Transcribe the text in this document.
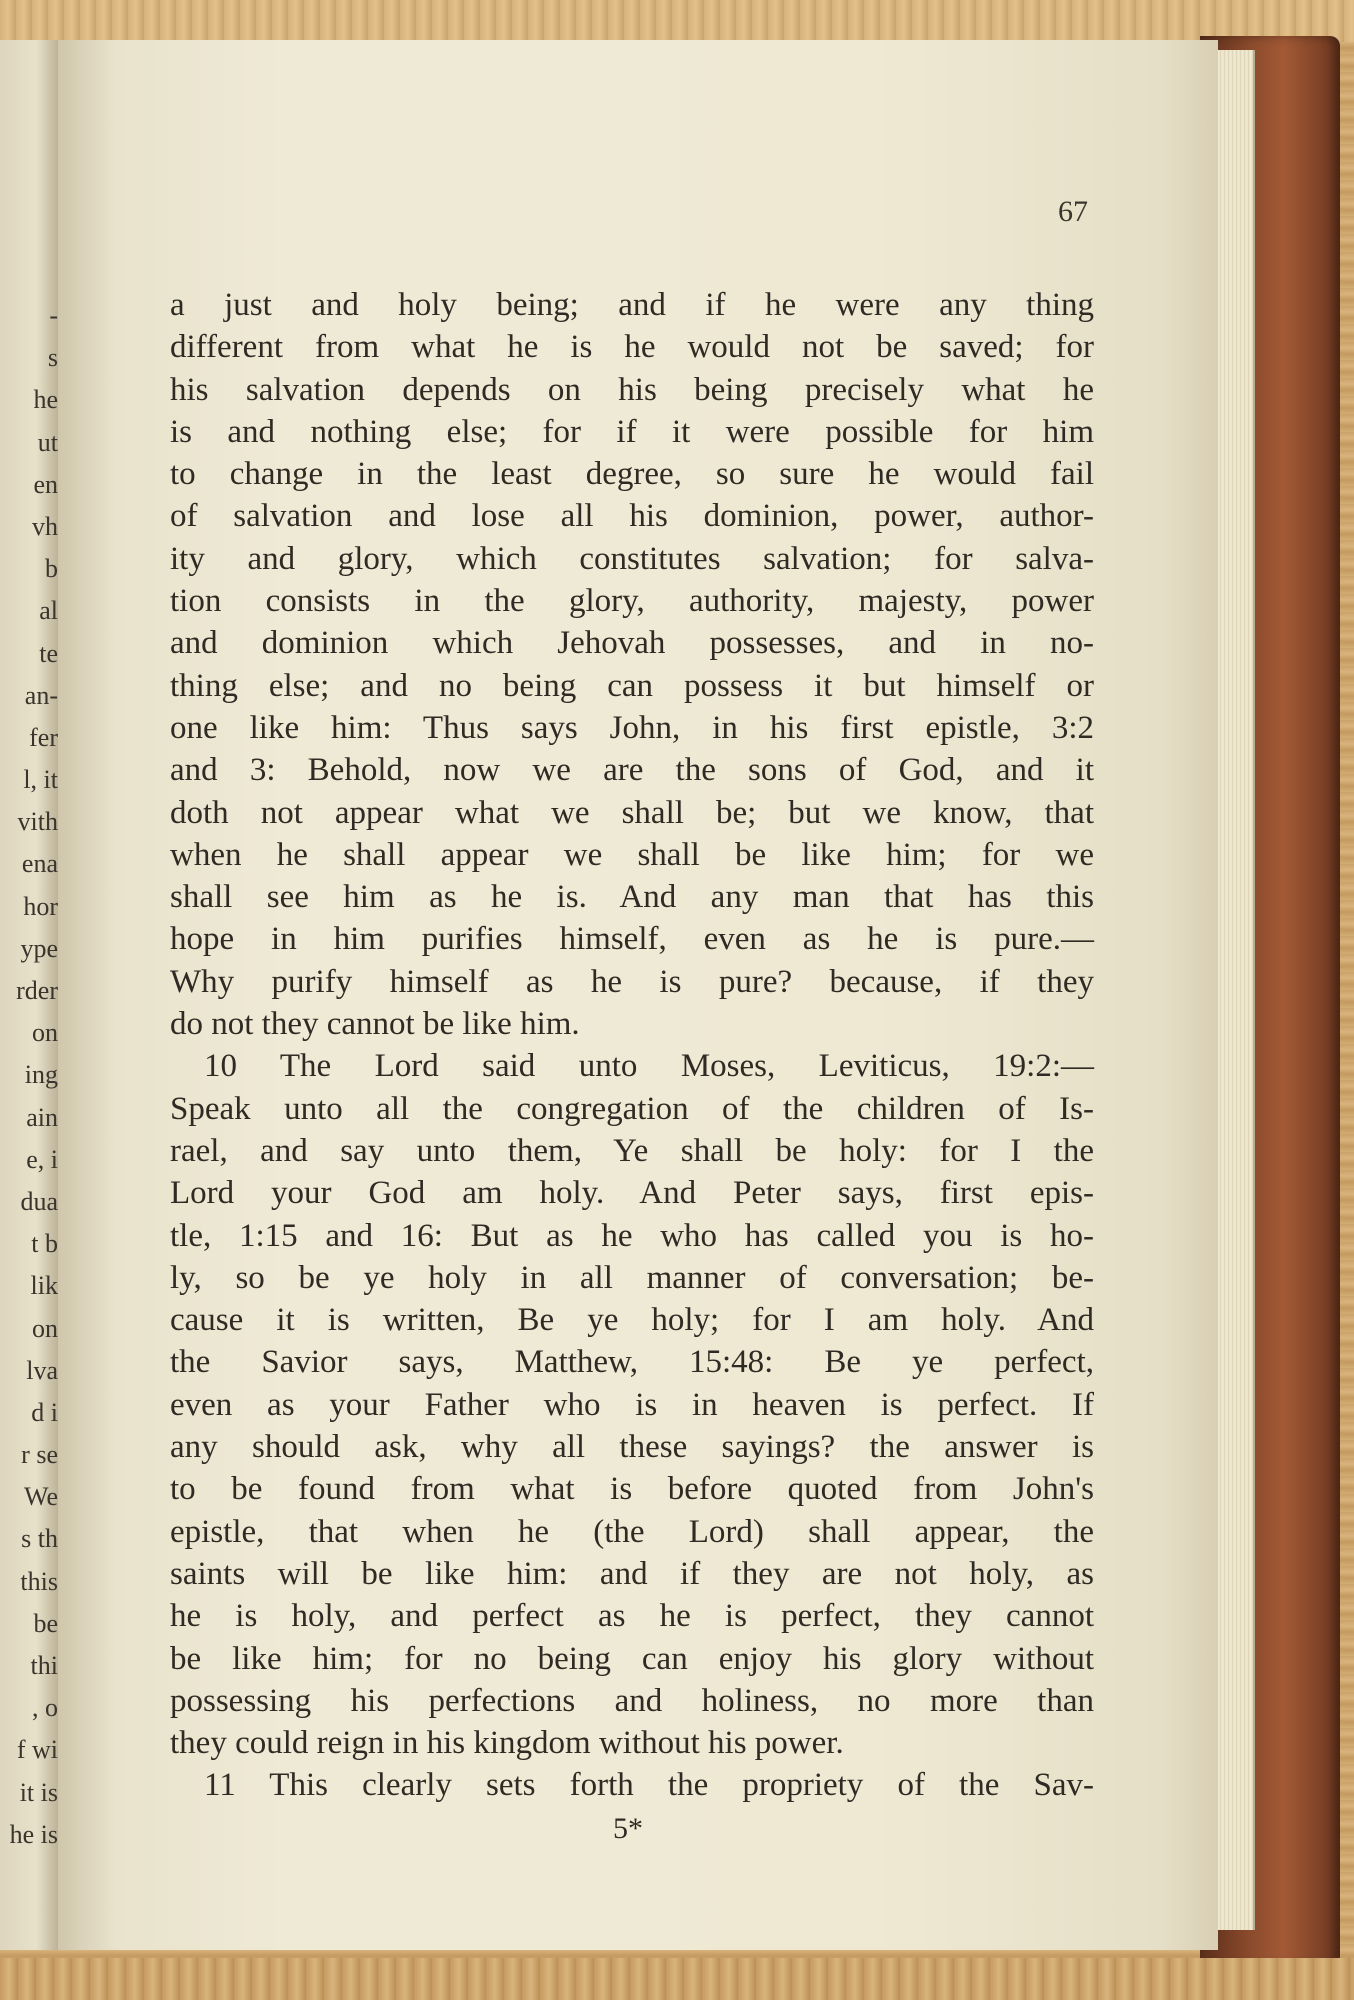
-
s
he
ut
en
vh
b
al
te
an-
fer
l, it
vith
ena
hor
ype
rder
on
ing
ain
e, i
dua
t b
lik
on
lva
d i
r se
We
s th
this
be
thi
, o
f wi
it is
he is
67
a just and holy being; and if he were any thing
different from what he is he would not be saved; for
his salvation depends on his being precisely what he
is and nothing else; for if it were possible for him
to change in the least degree, so sure he would fail
of salvation and lose all his dominion, power, author-
ity and glory, which constitutes salvation; for salva-
tion consists in the glory, authority, majesty, power
and dominion which Jehovah possesses, and in no-
thing else; and no being can possess it but himself or
one like him: Thus says John, in his first epistle, 3:2
and 3: Behold, now we are the sons of God, and it
doth not appear what we shall be; but we know, that
when he shall appear we shall be like him; for we
shall see him as he is. And any man that has this
hope in him purifies himself, even as he is pure.—
Why purify himself as he is pure? because, if they
do not they cannot be like him.
10 The Lord said unto Moses, Leviticus, 19:2:—
Speak unto all the congregation of the children of Is-
rael, and say unto them, Ye shall be holy: for I the
Lord your God am holy. And Peter says, first epis-
tle, 1:15 and 16: But as he who has called you is ho-
ly, so be ye holy in all manner of conversation; be-
cause it is written, Be ye holy; for I am holy. And
the Savior says, Matthew, 15:48: Be ye perfect,
even as your Father who is in heaven is perfect. If
any should ask, why all these sayings? the answer is
to be found from what is before quoted from John's
epistle, that when he (the Lord) shall appear, the
saints will be like him: and if they are not holy, as
he is holy, and perfect as he is perfect, they cannot
be like him; for no being can enjoy his glory without
possessing his perfections and holiness, no more than
they could reign in his kingdom without his power.
11 This clearly sets forth the propriety of the Sav-
5*
